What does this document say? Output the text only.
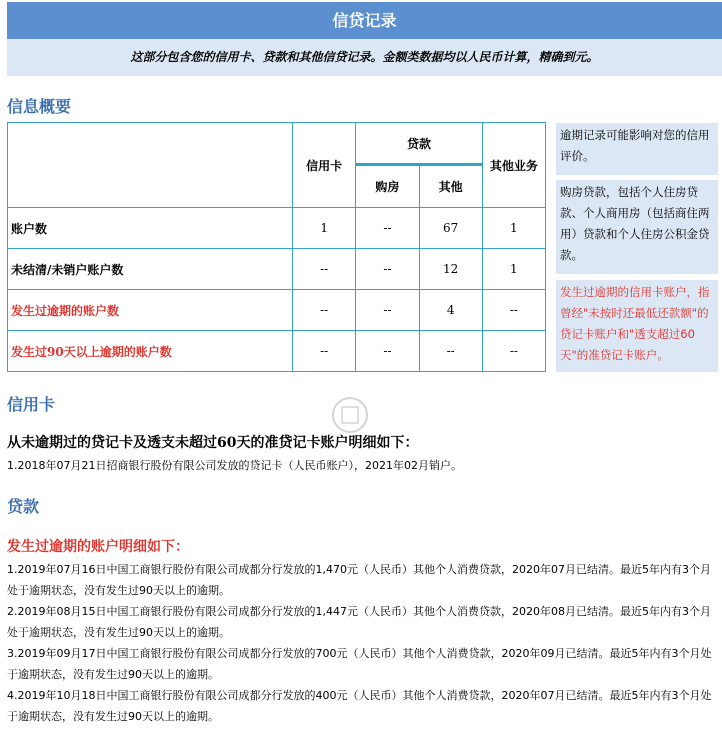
信贷记录
这部分包含您的信用卡、贷款和其他信贷记录。金额类数据均以人民币计算，精确到元。
信息概要
	信用卡	贷款		其他业务
		购房	其他	
账户数	1	--	67	1
未结清/未销户账户数	--	--	12	1
发生过逾期的账户数	--	--	4	--
发生过90天以上逾期的账户数	--	--	--	--
逾期记录可能影响对您的信用评价。
购房贷款，包括个人住房贷款、个人商用房（包括商住两用）贷款和个人住房公积金贷款。
发生过逾期的信用卡账户，指曾经"未按时还最低还款额"的贷记卡账户和"透支超过60天"的准贷记卡账户。
信用卡
从未逾期过的贷记卡及透支未超过60天的准贷记卡账户明细如下：
1.2018年07月21日招商银行股份有限公司发放的贷记卡（人民币账户），2021年02月销户。
贷款
发生过逾期的账户明细如下：
1.2019年07月16日中国工商银行股份有限公司成都分行发放的1,470元（人民币）其他个人消费贷款，2020年07月已结清。最近5年内有3个月处于逾期状态，没有发生过90天以上的逾期。
2.2019年08月15日中国工商银行股份有限公司成都分行发放的1,447元（人民币）其他个人消费贷款，2020年08月已结清。最近5年内有3个月处于逾期状态，没有发生过90天以上的逾期。
3.2019年09月17日中国工商银行股份有限公司成都分行发放的700元（人民币）其他个人消费贷款，2020年09月已结清。最近5年内有3个月处于逾期状态，没有发生过90天以上的逾期。
4.2019年10月18日中国工商银行股份有限公司成都分行发放的400元（人民币）其他个人消费贷款，2020年07月已结清。最近5年内有3个月处于逾期状态，没有发生过90天以上的逾期。
